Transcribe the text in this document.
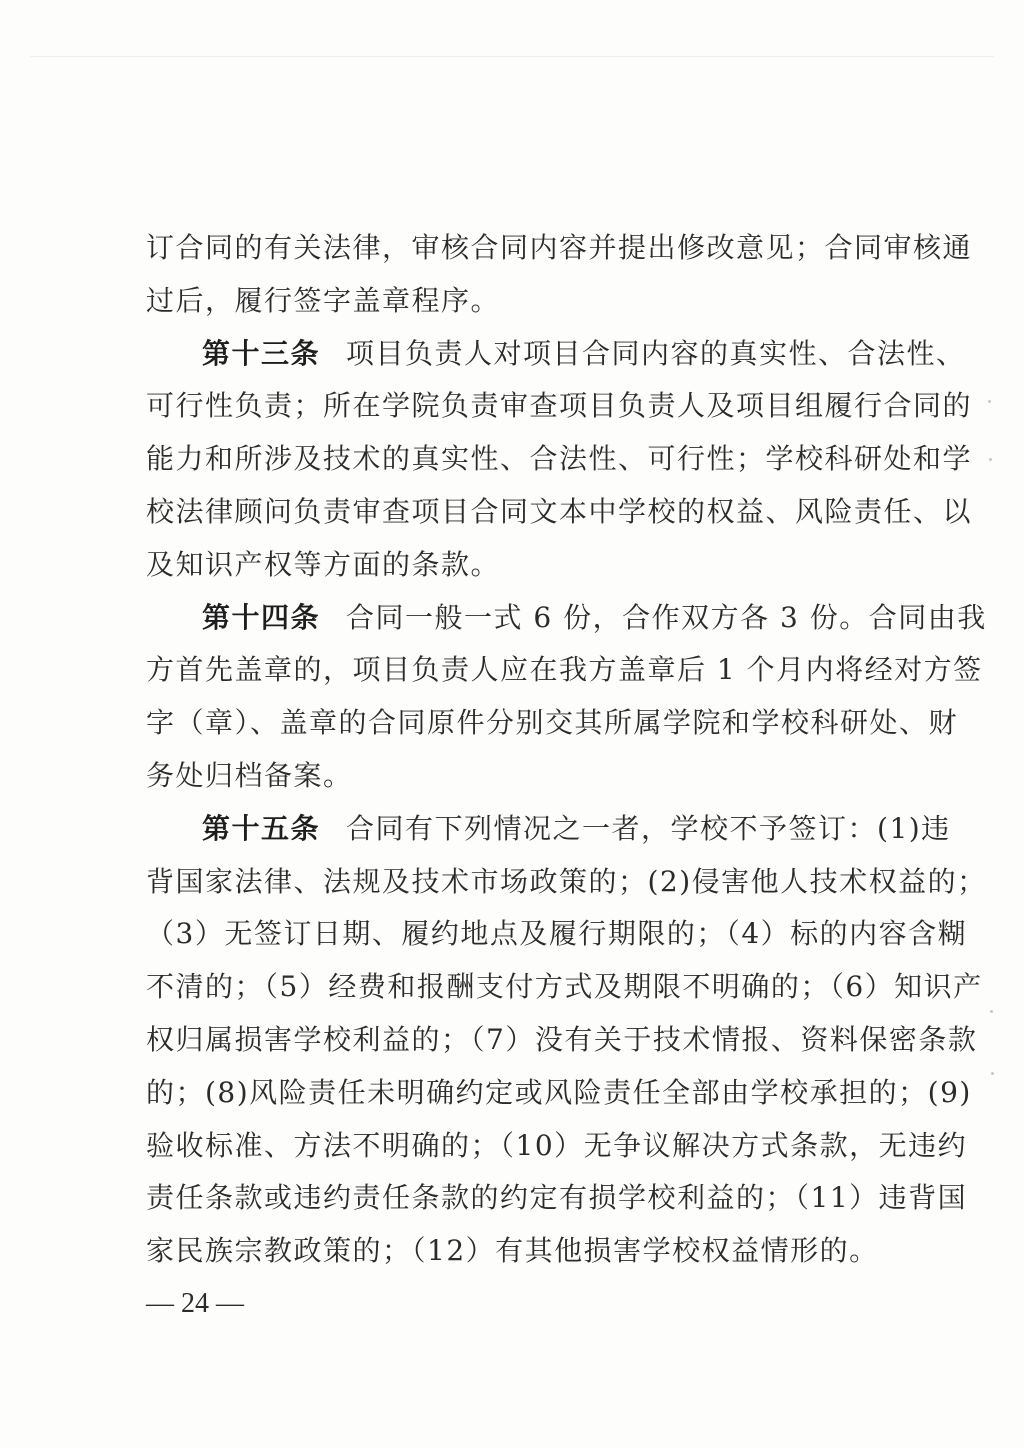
订合同的有关法律，审核合同内容并提出修改意见；合同审核通
过后，履行签字盖章程序。
第十三条 项目负责人对项目合同内容的真实性、合法性、
可行性负责；所在学院负责审查项目负责人及项目组履行合同的
能力和所涉及技术的真实性、合法性、可行性；学校科研处和学
校法律顾问负责审查项目合同文本中学校的权益、风险责任、以
及知识产权等方面的条款。
第十四条 合同一般一式 6 份，合作双方各 3 份。合同由我
方首先盖章的，项目负责人应在我方盖章后 1 个月内将经对方签
字（章）、盖章的合同原件分别交其所属学院和学校科研处、财
务处归档备案。
第十五条 合同有下列情况之一者，学校不予签订：(1)违
背国家法律、法规及技术市场政策的；(2)侵害他人技术权益的；
（3）无签订日期、履约地点及履行期限的；（4）标的内容含糊
不清的；（5）经费和报酬支付方式及期限不明确的；（6）知识产
权归属损害学校利益的；（7）没有关于技术情报、资料保密条款
的；(8)风险责任未明确约定或风险责任全部由学校承担的；(9)
验收标准、方法不明确的；（10）无争议解决方式条款，无违约
责任条款或违约责任条款的约定有损学校利益的；（11）违背国
家民族宗教政策的；（12）有其他损害学校权益情形的。
— 24 —
